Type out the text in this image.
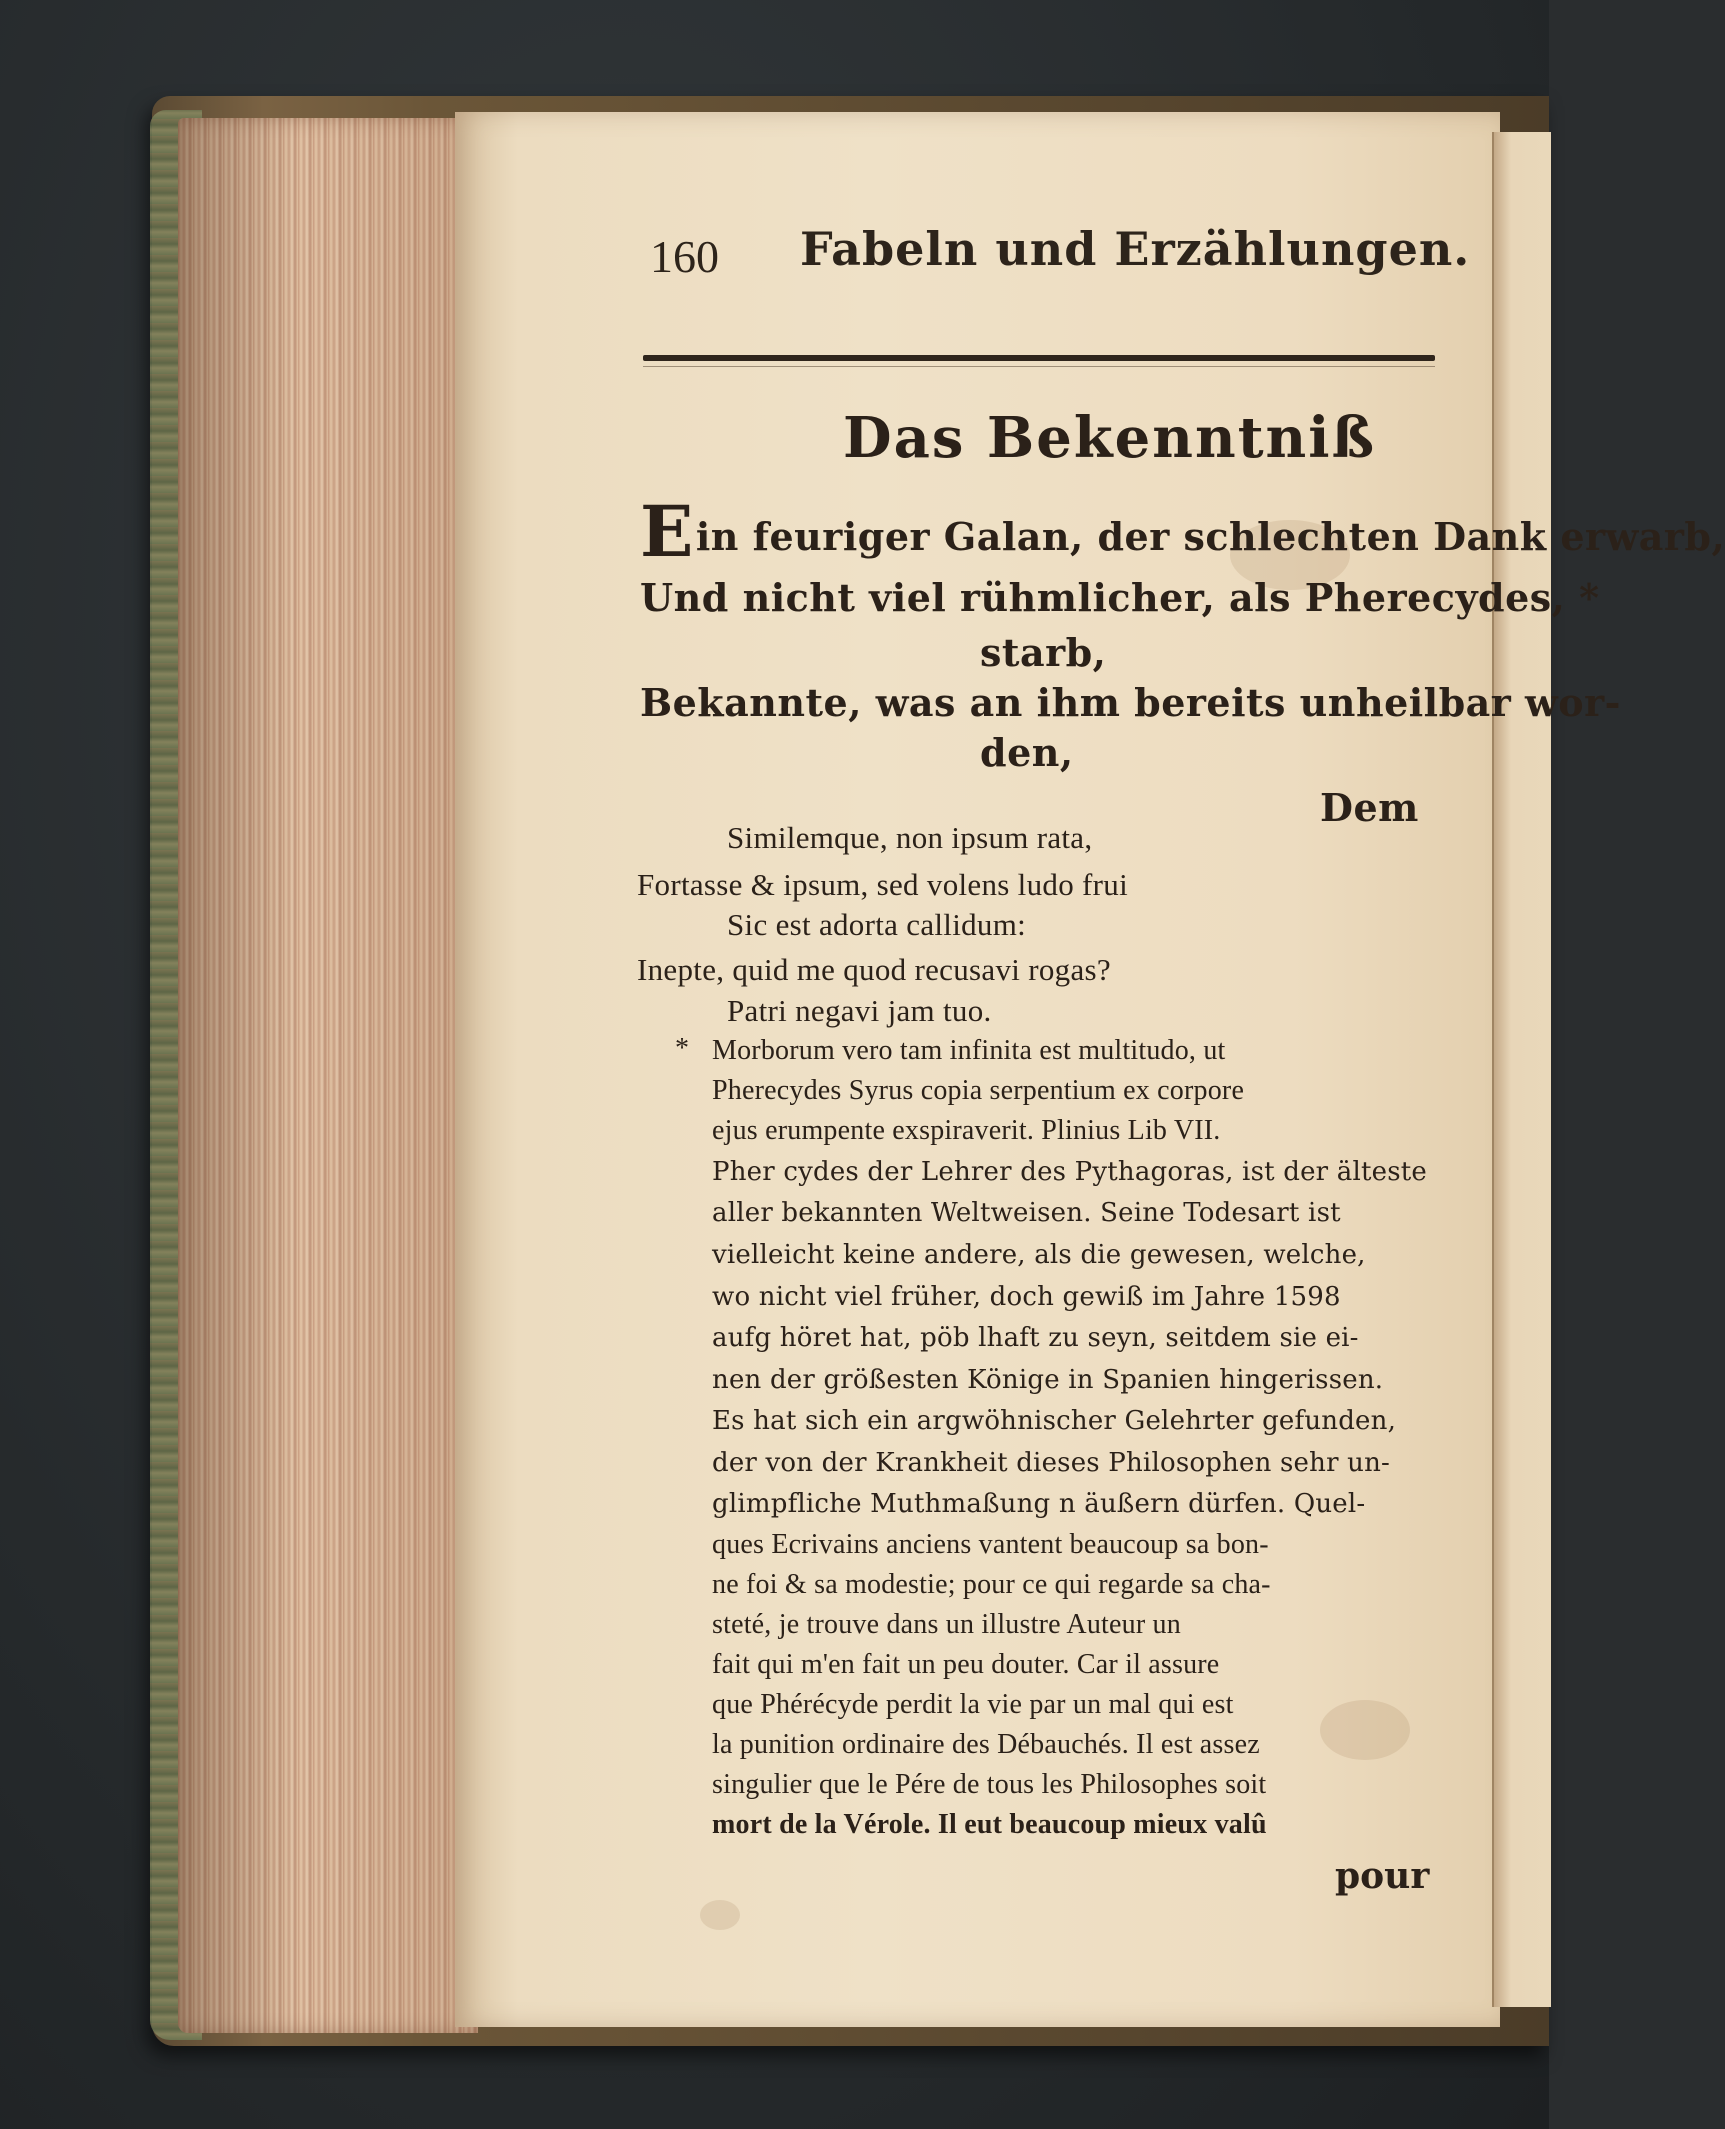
160 Fabeln und Erzählungen.
Das Bekenntniß
Ein feuriger Galan, der schlechten Dank erwarb,
Und nicht viel rühmlicher, als Pherecydes, *
starb,
Bekannte, was an ihm bereits unheilbar wor-
den,
Dem
Similemque, non ipsum rata,
Fortasse & ipsum, sed volens ludo frui
Sic est adorta callidum:
Inepte, quid me quod recusavi rogas?
Patri negavi jam tuo.
* Morborum vero tam infinita est multitudo, ut
Pherecydes Syrus copia serpentium ex corpore
ejus erumpente exspiraverit. Plinius Lib VII.
Pher cydes der Lehrer des Pythagoras, ist der älteste
aller bekannten Weltweisen. Seine Todesart ist
vielleicht keine andere, als die gewesen, welche,
wo nicht viel früher, doch gewiß im Jahre 1598
aufg höret hat, pöb lhaft zu seyn, seitdem sie ei-
nen der größesten Könige in Spanien hingerissen.
Es hat sich ein argwöhnischer Gelehrter gefunden,
der von der Krankheit dieses Philosophen sehr un-
glimpfliche Muthmaßung n äußern dürfen. Quel-
ques Ecrivains anciens vantent beaucoup sa bon-
ne foi & sa modestie; pour ce qui regarde sa cha-
steté, je trouve dans un illustre Auteur un
fait qui m'en fait un peu douter. Car il assure
que Phérécyde perdit la vie par un mal qui est
la punition ordinaire des Débauchés. Il est assez
singulier que le Pére de tous les Philosophes soit
mort de la Vérole. Il eut beaucoup mieux valû
pour
